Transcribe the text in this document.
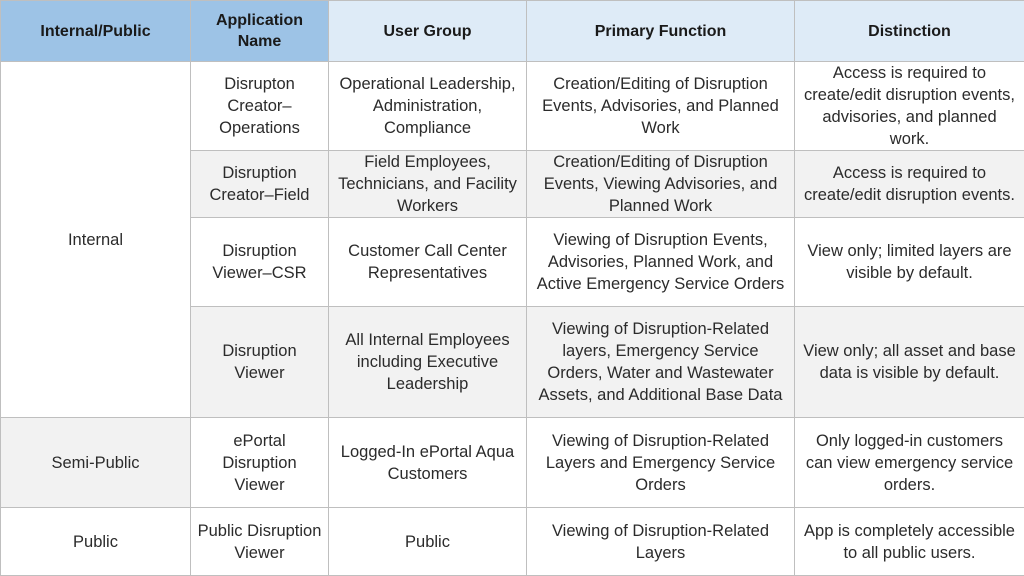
Internal/Public	Application Name	User Group	Primary Function	Distinction
Internal	Disrupton Creator–Operations	Operational Leadership, Administration, Compliance	Creation/Editing of Disruption Events, Advisories, and Planned Work	Access is required to create/edit disruption events, advisories, and planned work.
	Disruption Creator–Field	Field Employees, Technicians, and Facility Workers	Creation/Editing of Disruption Events, Viewing Advisories, and Planned Work	Access is required to create/edit disruption events.
	Disruption Viewer–CSR	Customer Call Center Representatives	Viewing of Disruption Events, Advisories, Planned Work, and Active Emergency Service Orders	View only; limited layers are visible by default.
	Disruption Viewer	All Internal Employees including Executive Leadership	Viewing of Disruption-Related layers, Emergency Service Orders, Water and Wastewater Assets, and Additional Base Data	View only; all asset and base data is visible by default.
Semi-Public	ePortal Disruption Viewer	Logged-In ePortal Aqua Customers	Viewing of Disruption-Related Layers and Emergency Service Orders	Only logged-in customers can view emergency service orders.
Public	Public Disruption Viewer	Public	Viewing of Disruption-Related Layers	App is completely accessible to all public users.
